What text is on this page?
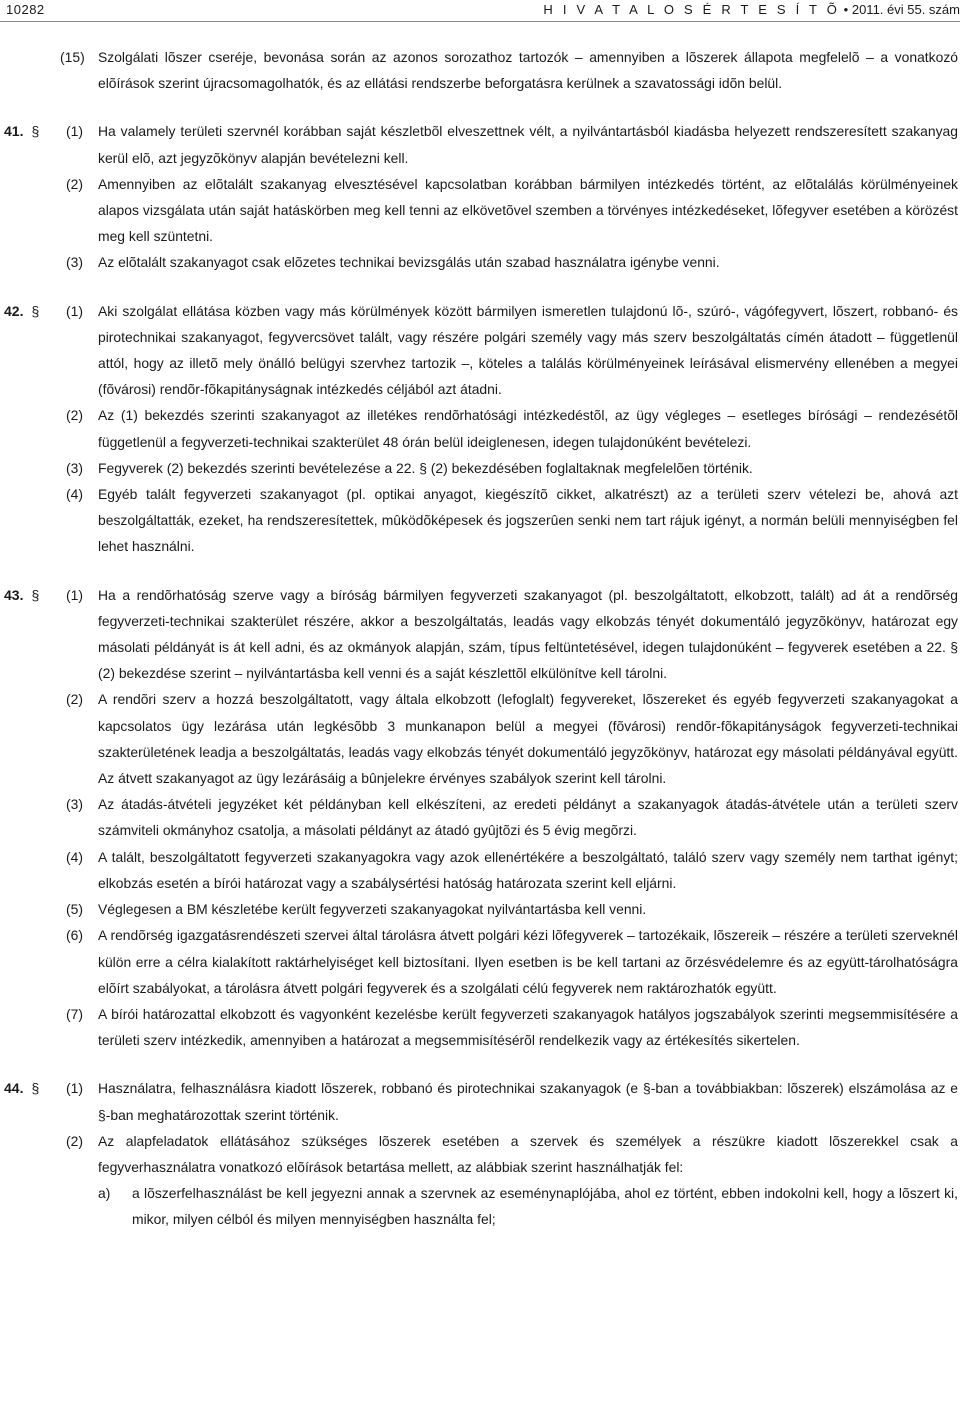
10282	H I V A T A L O S É R T E S Í T Õ • 2011. évi 55. szám
(15) Szolgálati lõszer cseréje, bevonása során az azonos sorozathoz tartozók – amennyiben a lõszerek állapota megfelelõ – a vonatkozó elõírások szerint újracsomagolhatók, és az ellátási rendszerbe beforgatásra kerülnek a szavatossági idõn belül.
41. § (1) Ha valamely területi szervnél korábban saját készletbõl elveszettnek vélt, a nyilvántartásból kiadásba helyezett rendszeresített szakanyag kerül elõ, azt jegyzõkönyv alapján bevételezni kell.
(2) Amennyiben az elõtalált szakanyag elvesztésével kapcsolatban korábban bármilyen intézkedés történt, az elõtalálás körülményeinek alapos vizsgálata után saját hatáskörben meg kell tenni az elkövetõvel szemben a törvényes intézkedéseket, lõfegyver esetében a körözést meg kell szüntetni.
(3) Az elõtalált szakanyagot csak elõzetes technikai bevizsgálás után szabad használatra igénybe venni.
42. § (1) Aki szolgálat ellátása közben vagy más körülmények között bármilyen ismeretlen tulajdonú lõ-, szúró-, vágófegyvert, lõszert, robbanó- és pirotechnikai szakanyagot, fegyvercsövet talált, vagy részére polgári személy vagy más szerv beszolgáltatás címén átadott – függetlenül attól, hogy az illetõ mely önálló belügyi szervhez tartozik –, köteles a találás körülményeinek leírásával elismervény ellenében a megyei (fõvárosi) rendõr-fõkapitányságnak intézkedés céljából azt átadni.
(2) Az (1) bekezdés szerinti szakanyagot az illetékes rendõrhatósági intézkedéstõl, az ügy végleges – esetleges bírósági – rendezésétõl függetlenül a fegyverzeti-technikai szakterület 48 órán belül ideiglenesen, idegen tulajdonúként bevételezi.
(3) Fegyverek (2) bekezdés szerinti bevételezése a 22. § (2) bekezdésében foglaltaknak megfelelõen történik.
(4) Egyéb talált fegyverzeti szakanyagot (pl. optikai anyagot, kiegészítõ cikket, alkatrészt) az a területi szerv vételezi be, ahová azt beszolgáltatták, ezeket, ha rendszeresítettek, mûködõképesek és jogszerûen senki nem tart rájuk igényt, a normán belüli mennyiségben fel lehet használni.
43. § (1) Ha a rendõrhatóság szerve vagy a bíróság bármilyen fegyverzeti szakanyagot (pl. beszolgáltatott, elkobzott, talált) ad át a rendõrség fegyverzeti-technikai szakterület részére, akkor a beszolgáltatás, leadás vagy elkobzás tényét dokumentáló jegyzõkönyv, határozat egy másolati példányát is át kell adni, és az okmányok alapján, szám, típus feltüntetésével, idegen tulajdonúként – fegyverek esetében a 22. § (2) bekezdése szerint – nyilvántartásba kell venni és a saját készlettõl elkülönítve kell tárolni.
(2) A rendõri szerv a hozzá beszolgáltatott, vagy általa elkobzott (lefoglalt) fegyvereket, lõszereket és egyéb fegyverzeti szakanyagokat a kapcsolatos ügy lezárása után legkésõbb 3 munkanapon belül a megyei (fõvárosi) rendõr-fõkapitányságok fegyverzeti-technikai szakterületének leadja a beszolgáltatás, leadás vagy elkobzás tényét dokumentáló jegyzõkönyv, határozat egy másolati példányával együtt. Az átvett szakanyagot az ügy lezárásáig a bûnjelekre érvényes szabályok szerint kell tárolni.
(3) Az átadás-átvételi jegyzéket két példányban kell elkészíteni, az eredeti példányt a szakanyagok átadás-átvétele után a területi szerv számviteli okmányhoz csatolja, a másolati példányt az átadó gyûjtõzi és 5 évig megõrzi.
(4) A talált, beszolgáltatott fegyverzeti szakanyagokra vagy azok ellenértékére a beszolgáltató, találó szerv vagy személy nem tarthat igényt; elkobzás esetén a bírói határozat vagy a szabálysértési hatóság határozata szerint kell eljárni.
(5) Véglegesen a BM készletébe került fegyverzeti szakanyagokat nyilvántartásba kell venni.
(6) A rendõrség igazgatásrendészeti szervei által tárolásra átvett polgári kézi lõfegyverek – tartozékaik, lõszereik – részére a területi szerveknél külön erre a célra kialakított raktárhelyiséget kell biztosítani. Ilyen esetben is be kell tartani az õrzésvédelemre és az együtt-tárolhatóságra elõírt szabályokat, a tárolásra átvett polgári fegyverek és a szolgálati célú fegyverek nem raktározhatók együtt.
(7) A bírói határozattal elkobzott és vagyonként kezelésbe került fegyverzeti szakanyagok hatályos jogszabályok szerinti megsemmisítésére a területi szerv intézkedik, amennyiben a határozat a megsemmisítésérõl rendelkezik vagy az értékesítés sikertelen.
44. § (1) Használatra, felhasználásra kiadott lõszerek, robbanó és pirotechnikai szakanyagok (e §-ban a továbbiakban: lõszerek) elszámolása az e §-ban meghatározottak szerint történik.
(2) Az alapfeladatok ellátásához szükséges lõszerek esetében a szervek és személyek a részükre kiadott lõszerekkel csak a fegyverhasználatra vonatkozó elõírások betartása mellett, az alábbiak szerint használhatják fel:
a) a lõszerfelhasználást be kell jegyezni annak a szervnek az eseménynaplójába, ahol ez történt, ebben indokolni kell, hogy a lõszert ki, mikor, milyen célból és milyen mennyiségben használta fel;
